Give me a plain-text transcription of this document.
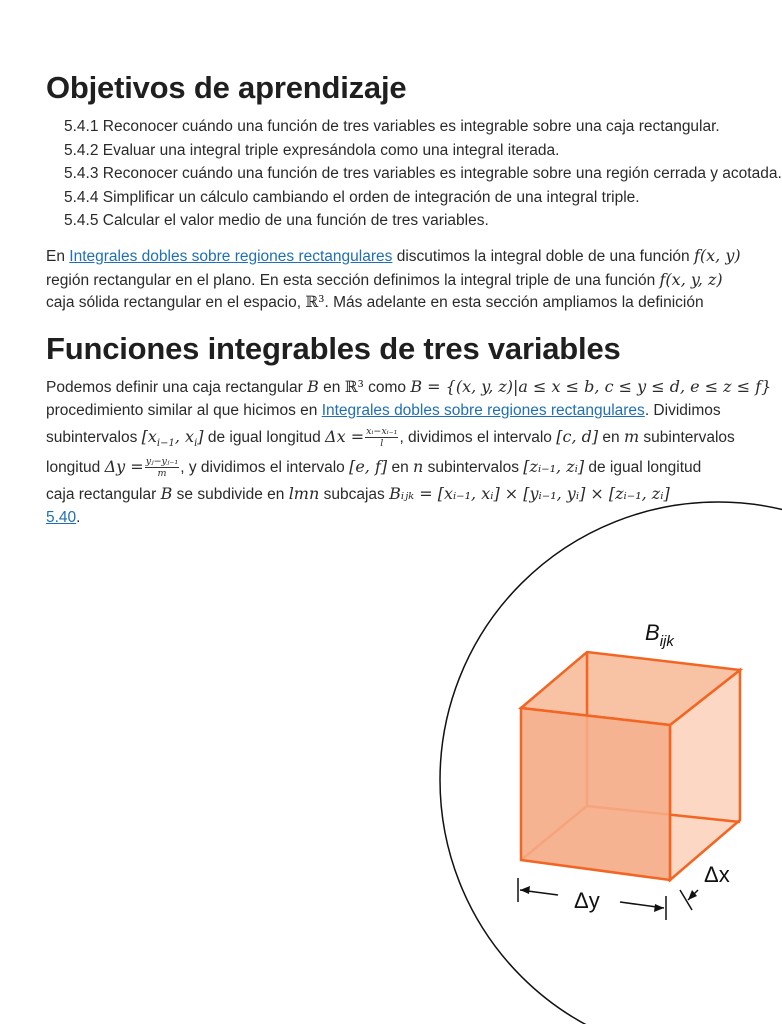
Objetivos de aprendizaje
5.4.1 Reconocer cuándo una función de tres variables es integrable sobre una caja rectangular.
5.4.2 Evaluar una integral triple expresándola como una integral iterada.
5.4.3 Reconocer cuándo una función de tres variables es integrable sobre una región cerrada y acotada.
5.4.4 Simplificar un cálculo cambiando el orden de integración de una integral triple.
5.4.5 Calcular el valor medio de una función de tres variables.
En Integrales dobles sobre regiones rectangulares discutimos la integral doble de una función f(x, y)
región rectangular en el plano. En esta sección definimos la integral triple de una función f(x, y, z)
caja sólida rectangular en el espacio, ℝ³. Más adelante en esta sección ampliamos la definición
Funciones integrables de tres variables
Podemos definir una caja rectangular B en ℝ³ como B = {(x, y, z)|a ≤ x ≤ b, c ≤ y ≤ d, e ≤ z ≤ f}
procedimiento similar al que hicimos en Integrales dobles sobre regiones rectangulares. Dividimos
subintervalos [$x_{i-1}$, $x_i$] de igual longitud $\Delta x = \frac{\text{xᵢ−xᵢ₋₁}}{l}$ , dividimos el intervalo [c, d] en m subintervalos
longitud $\Delta y = \frac{\text{yⱼ−yⱼ₋₁}}{m}$ , y dividimos el intervalo [e, f] en n subintervalos [zᵢ₋₁, zᵢ] de igual longitud
caja rectangular B se subdivide en lmn subcajas Bᵢⱼₖ = [xᵢ₋₁, xᵢ] × [yᵢ₋₁, yᵢ] × [zᵢ₋₁, zᵢ]
5.40.
$B_{ijk}$
Δy
Δx
